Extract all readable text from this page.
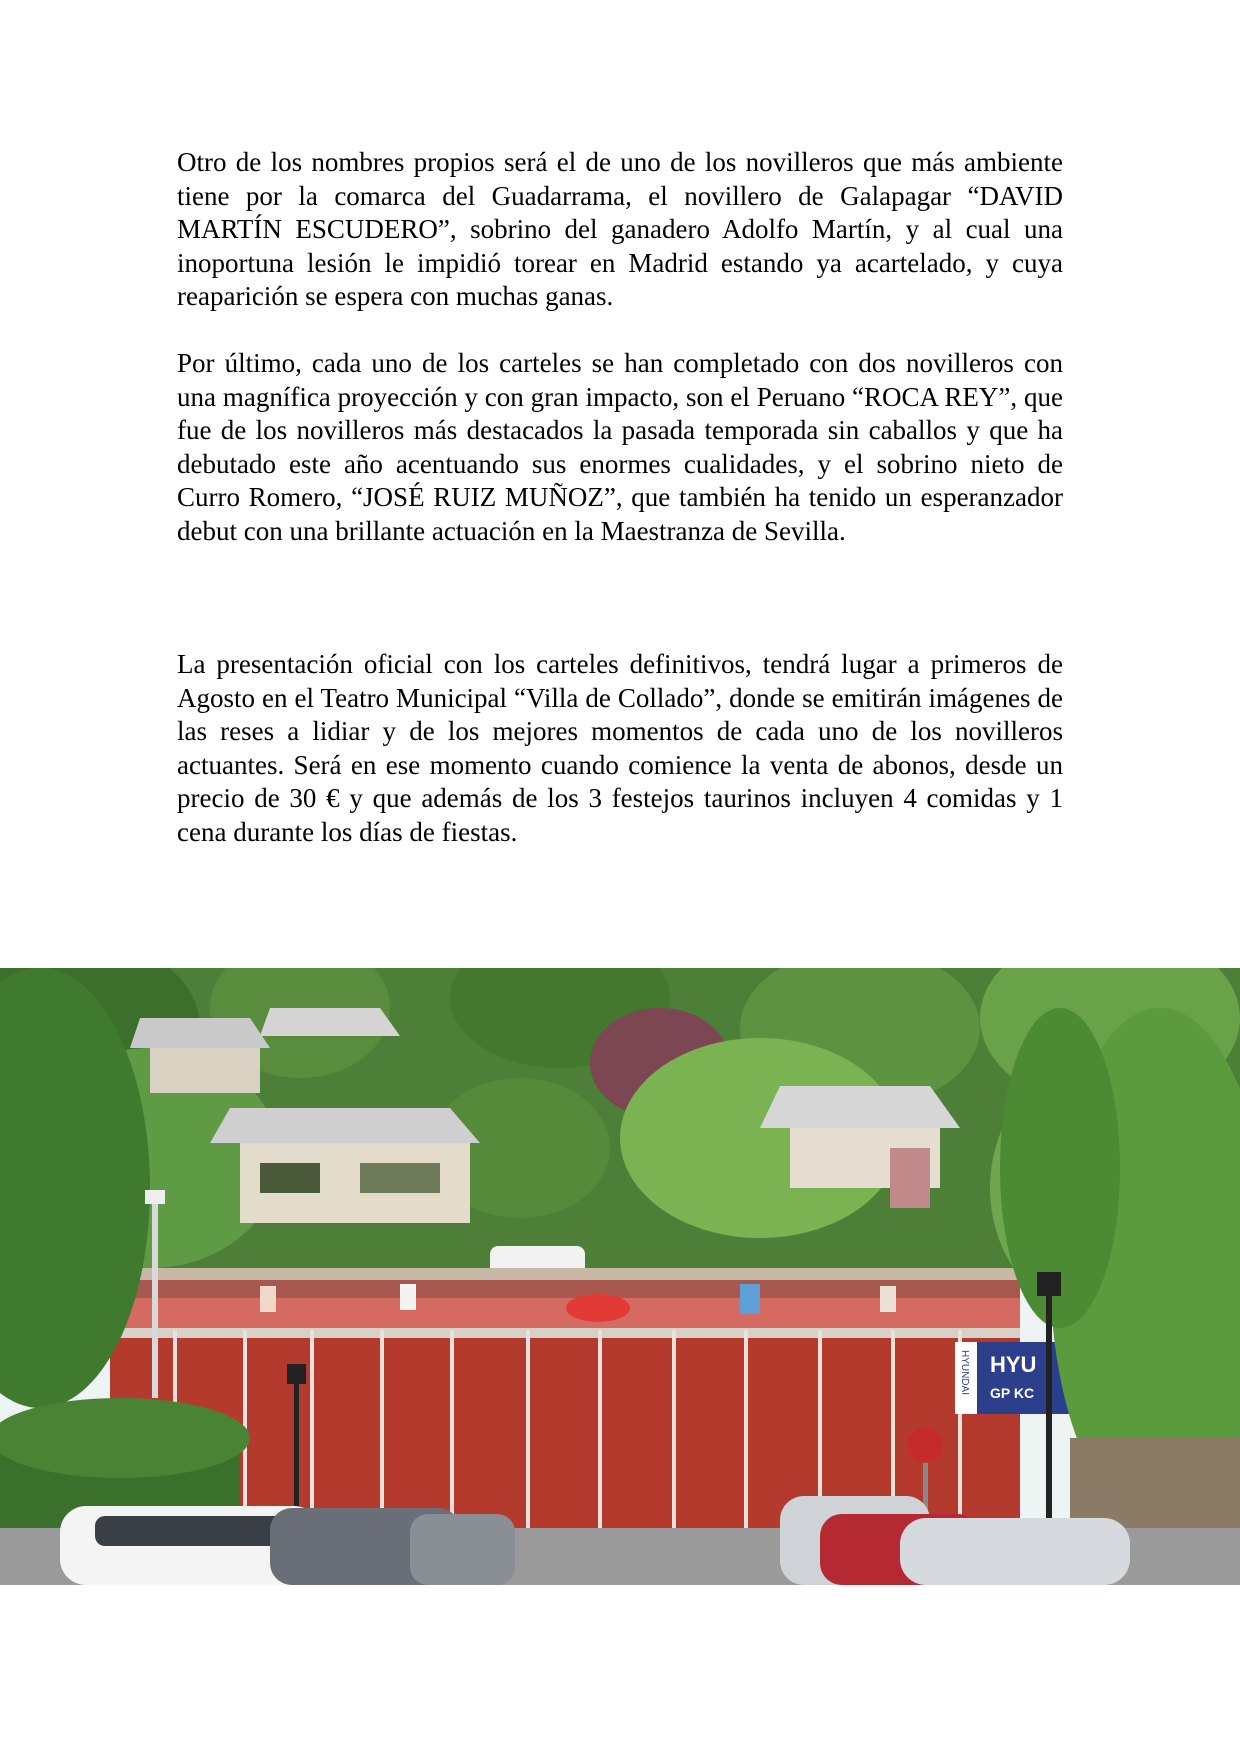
Otro de los nombres propios será el de uno de los novilleros que más ambiente tiene por la comarca del Guadarrama, el novillero de Galapagar “DAVID MARTÍN ESCUDERO”, sobrino del ganadero Adolfo Martín, y al cual una inoportuna lesión le impidió torear en Madrid estando ya acartelado, y cuya reaparición se espera con muchas ganas.

Por último, cada uno de los carteles se han completado con dos novilleros con una magnífica proyección y con gran impacto, son el Peruano “ROCA REY”, que fue de los novilleros más destacados la pasada temporada sin caballos y que ha debutado este año acentuando sus enormes cualidades, y el sobrino nieto de Curro Romero, “JOSÉ RUIZ MUÑOZ”, que también ha tenido un esperanzador debut con una brillante actuación en la Maestranza de Sevilla.

La presentación oficial con los carteles definitivos, tendrá lugar a primeros de Agosto en el Teatro Municipal “Villa de Collado”, donde se emitirán imágenes de las reses a lidiar y de los mejores momentos de cada uno de los novilleros actuantes. Será en ese momento cuando comience la venta de abonos, desde un precio de 30 € y que además de los 3 festejos taurinos incluyen 4 comidas y 1 cena durante los días de fiestas.

HYU
GP KC
HYUNDAI
